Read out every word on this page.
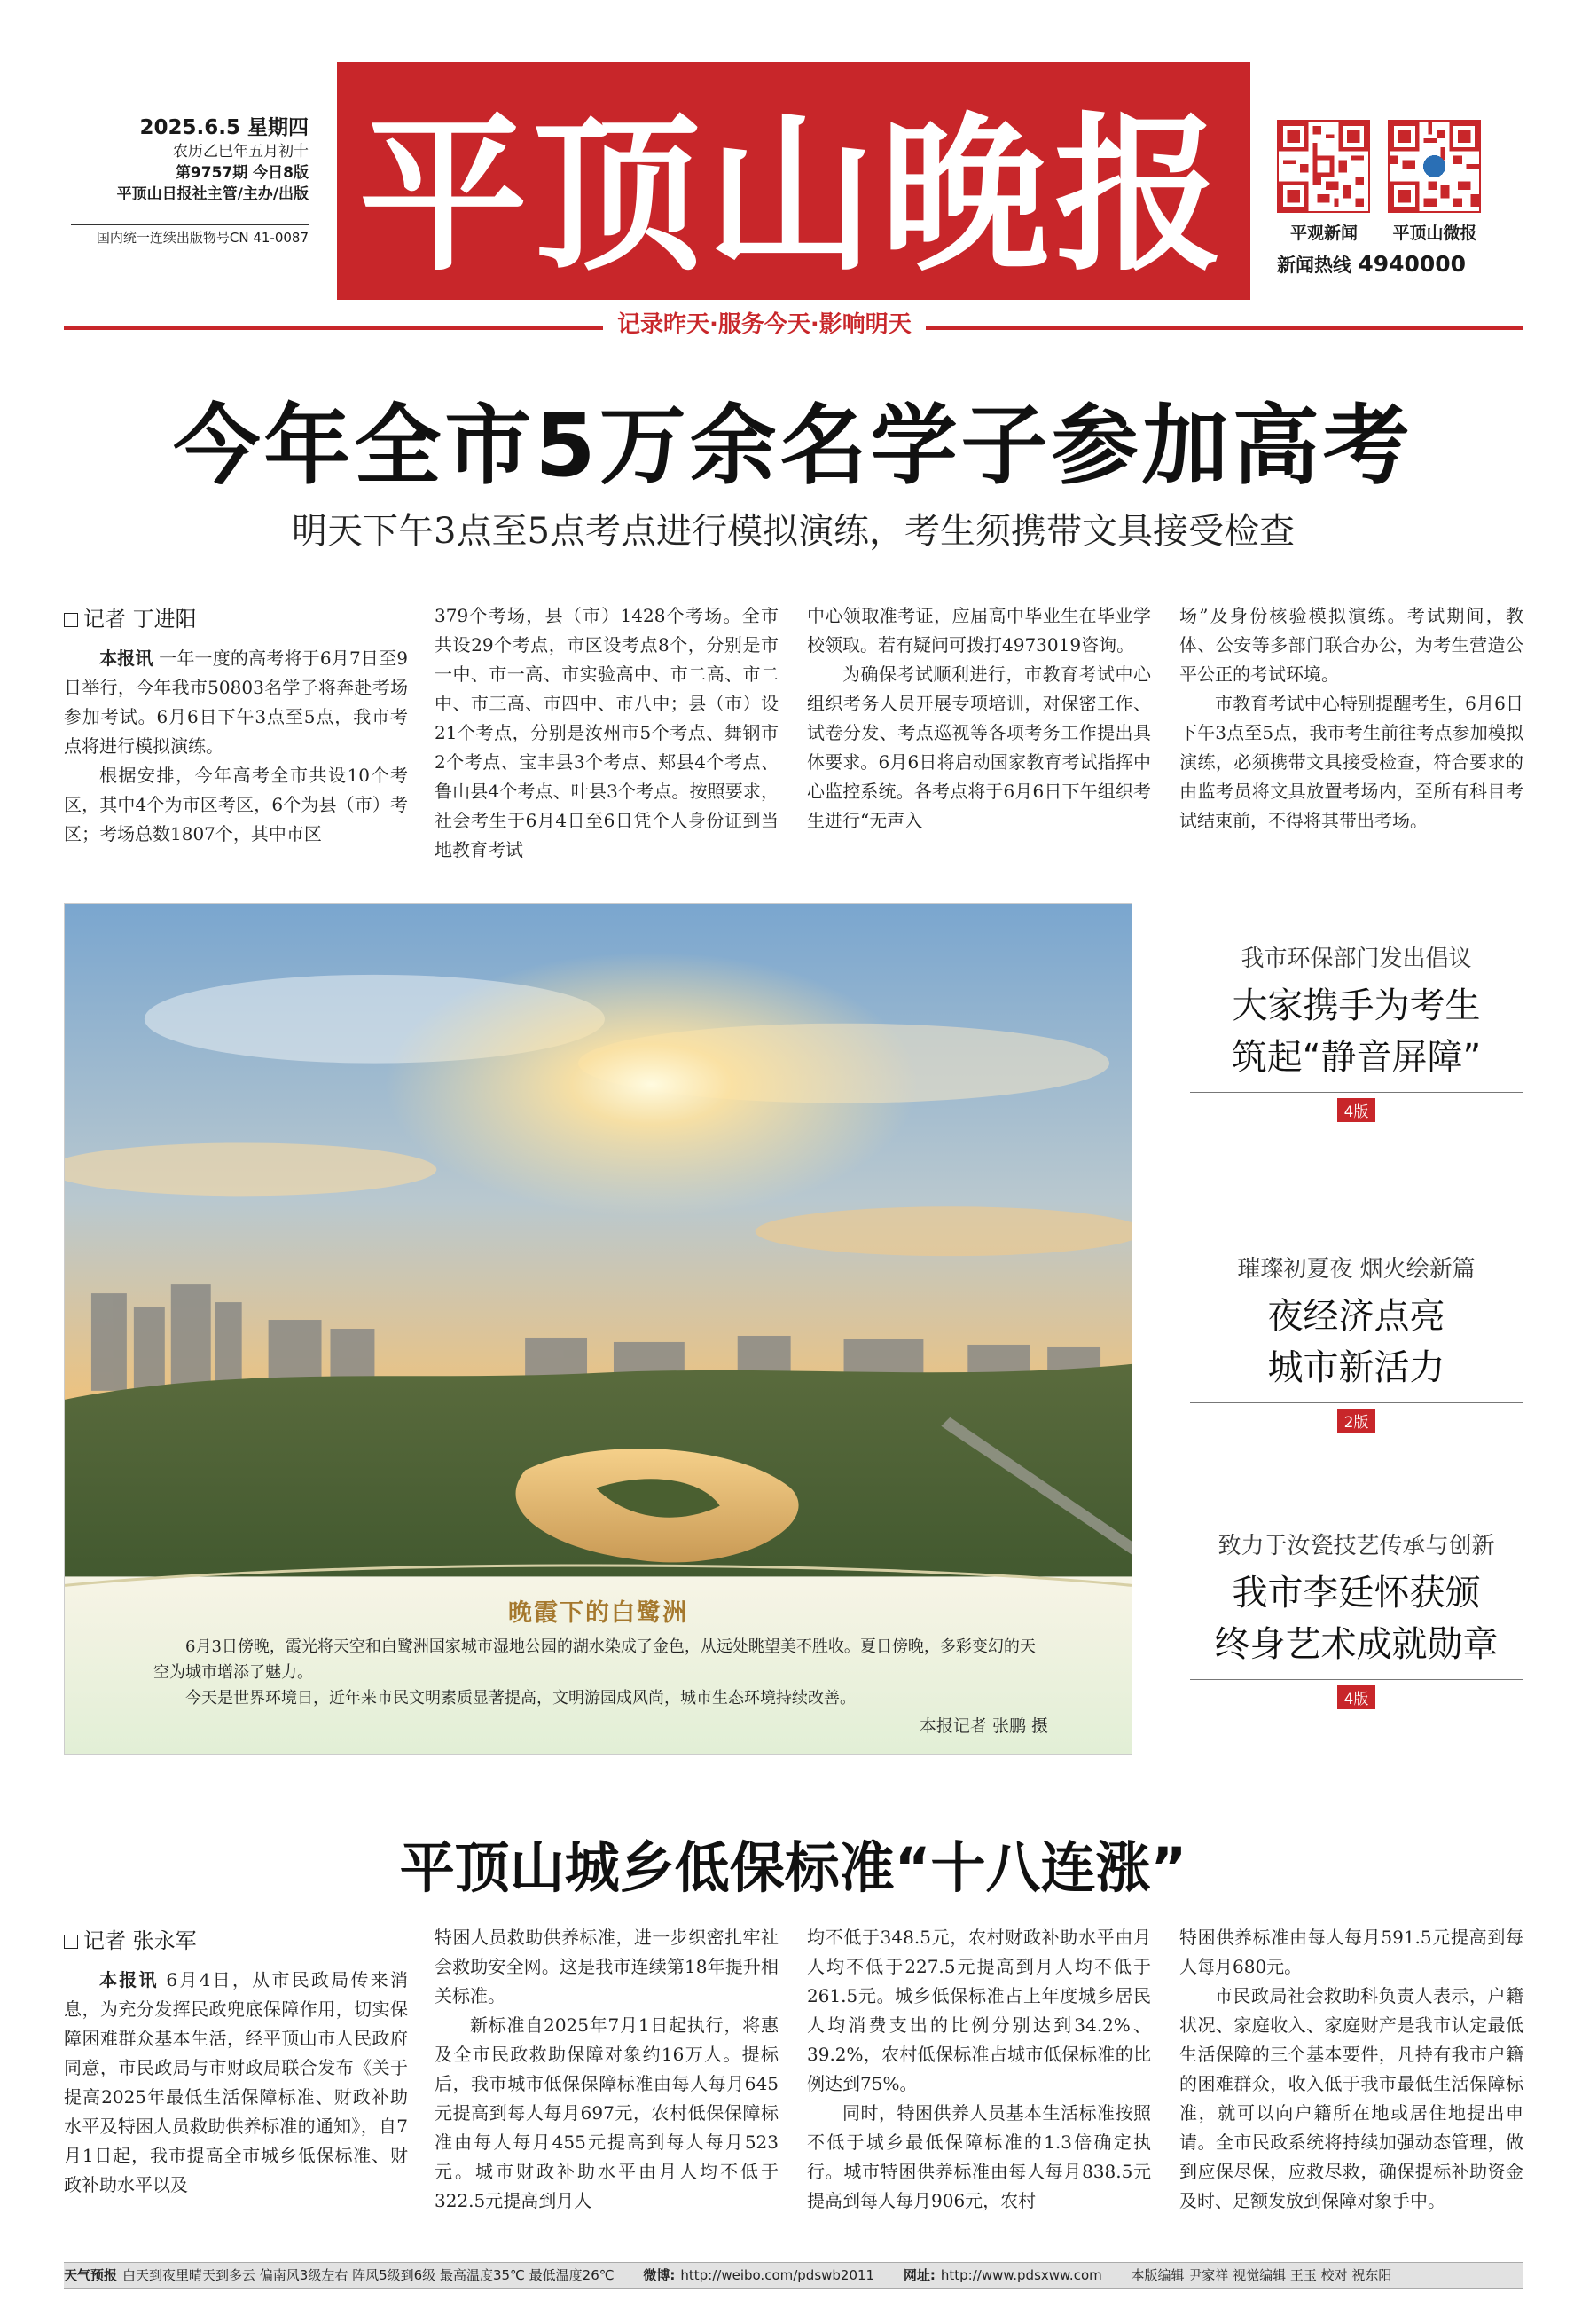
2025.6.5 星期四
农历乙巳年五月初十
第9757期 今日8版
平顶山日报社主管/主办/出版
国内统一连续出版物号CN 41-0087 平顶山晚报	平观新闻	平顶山微报
新闻热线 4940000
记录昨天·服务今天·影响明天
今年全市5万余名学子参加高考
明天下午3点至5点考点进行模拟演练，考生须携带文具接受检查
记者 丁进阳

本报讯 一年一度的高考将于6月7日至9日举行，今年我市50803名学子将奔赴考场参加考试。6月6日下午3点至5点，我市考点将进行模拟演练。

根据安排，今年高考全市共设10个考区，其中4个为市区考区，6个为县（市）考区；考场总数1807个，其中市区

379个考场，县（市）1428个考场。全市共设29个考点，市区设考点8个，分别是市一中、市一高、市实验高中、市二高、市二中、市三高、市四中、市八中；县（市）设21个考点，分别是汝州市5个考点、舞钢市2个考点、宝丰县3个考点、郏县4个考点、鲁山县4个考点、叶县3个考点。按照要求，社会考生于6月4日至6日凭个人身份证到当地教育考试

中心领取准考证，应届高中毕业生在毕业学校领取。若有疑问可拨打4973019咨询。

为确保考试顺利进行，市教育考试中心组织考务人员开展专项培训，对保密工作、试卷分发、考点巡视等各项考务工作提出具体要求。6月6日将启动国家教育考试指挥中心监控系统。各考点将于6月6日下午组织考生进行“无声入

场”及身份核验模拟演练。考试期间，教体、公安等多部门联合办公，为考生营造公平公正的考试环境。

市教育考试中心特别提醒考生，6月6日下午3点至5点，我市考生前往考点参加模拟演练，必须携带文具接受检查，符合要求的由监考员将文具放置考场内，至所有科目考试结束前，不得将其带出考场。

晚霞下的白鹭洲

6月3日傍晚，霞光将天空和白鹭洲国家城市湿地公园的湖水染成了金色，从远处眺望美不胜收。夏日傍晚，多彩变幻的天空为城市增添了魅力。

今天是世界环境日，近年来市民文明素质显著提高，文明游园成风尚，城市生态环境持续改善。

本报记者 张鹏 摄
我市环保部门发出倡议
大家携手为考生
筑起“静音屏障”
4版
璀璨初夏夜 烟火绘新篇
夜经济点亮
城市新活力
2版
致力于汝瓷技艺传承与创新
我市李廷怀获颁
终身艺术成就勋章
4版
平顶山城乡低保标准“十八连涨”
记者 张永军

本报讯 6月4日，从市民政局传来消息，为充分发挥民政兜底保障作用，切实保障困难群众基本生活，经平顶山市人民政府同意，市民政局与市财政局联合发布《关于提高2025年最低生活保障标准、财政补助水平及特困人员救助供养标准的通知》，自7月1日起，我市提高全市城乡低保标准、财政补助水平以及

特困人员救助供养标准，进一步织密扎牢社会救助安全网。这是我市连续第18年提升相关标准。

新标准自2025年7月1日起执行，将惠及全市民政救助保障对象约16万人。提标后，我市城市低保保障标准由每人每月645元提高到每人每月697元，农村低保保障标准由每人每月455元提高到每人每月523元。城市财政补助水平由月人均不低于322.5元提高到月人

均不低于348.5元，农村财政补助水平由月人均不低于227.5元提高到月人均不低于261.5元。城乡低保标准占上年度城乡居民人均消费支出的比例分别达到34.2%、39.2%，农村低保标准占城市低保标准的比例达到75%。

同时，特困供养人员基本生活标准按照不低于城乡最低保障标准的1.3倍确定执行。城市特困供养标准由每人每月838.5元提高到每人每月906元，农村

特困供养标准由每人每月591.5元提高到每人每月680元。

市民政局社会救助科负责人表示，户籍状况、家庭收入、家庭财产是我市认定最低生活保障的三个基本要件，凡持有我市户籍的困难群众，收入低于我市最低生活保障标准，就可以向户籍所在地或居住地提出申请。全市民政系统将持续加强动态管理，做到应保尽保，应救尽救，确保提标补助资金及时、足额发放到保障对象手中。

天气预报 白天到夜里晴天到多云 偏南风3级左右 阵风5级到6级 最高温度35℃ 最低温度26℃ 微博: http://weibo.com/pdswb2011 网址: http://www.pdsxww.com 本版编辑 尹家祥 视觉编辑 王玉 校对 祝东阳
